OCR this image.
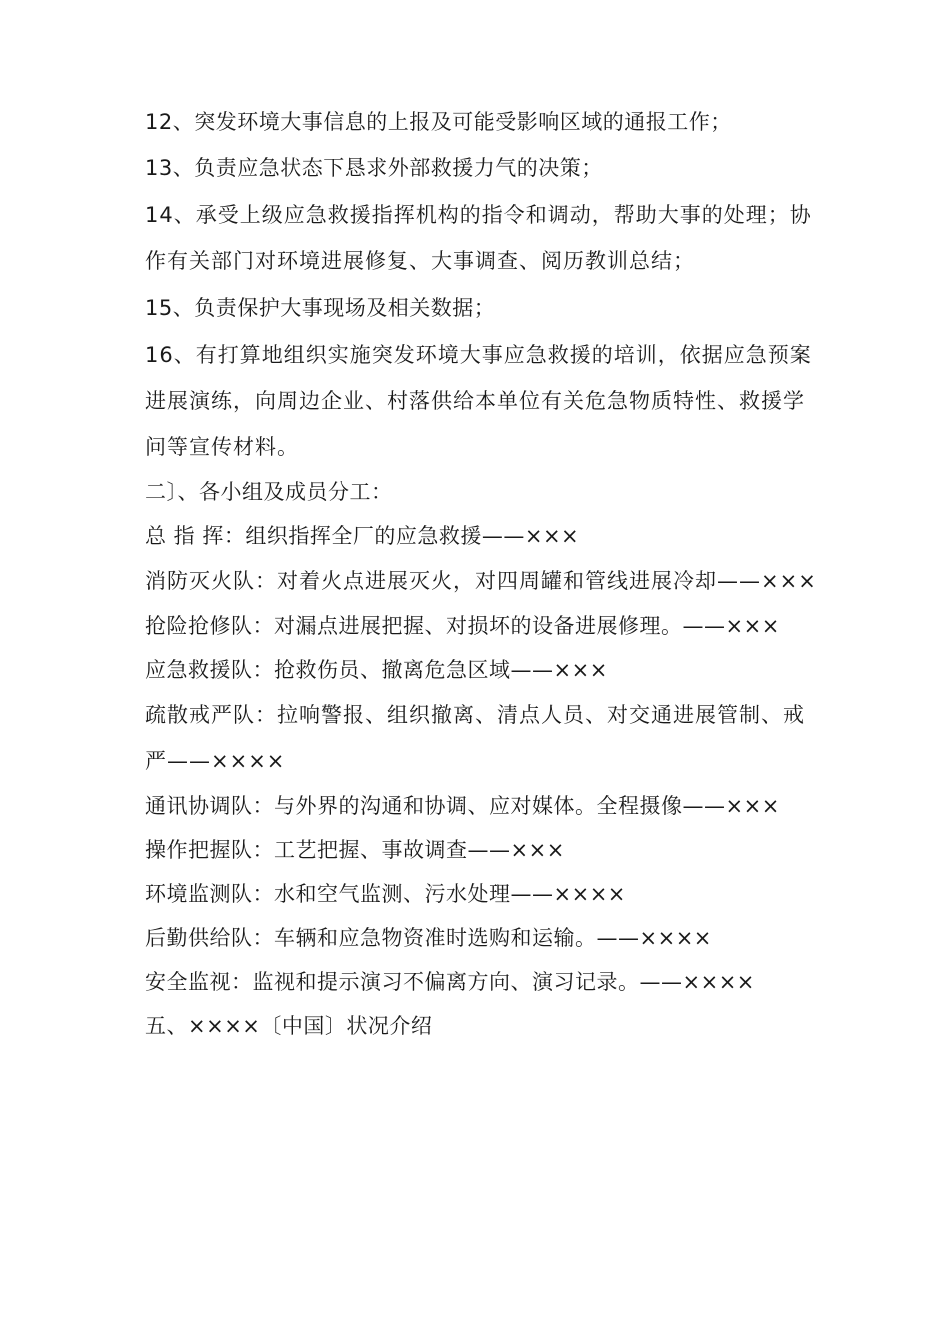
12、突发环境大事信息的上报及可能受影响区域的通报工作；
13、负责应急状态下恳求外部救援力气的决策；
14、承受上级应急救援指挥机构的指令和调动，帮助大事的处理；协作有关部门对环境进展修复、大事调查、阅历教训总结；
15、负责保护大事现场及相关数据；
16、有打算地组织实施突发环境大事应急救援的培训，依据应急预案进展演练，向周边企业、村落供给本单位有关危急物质特性、救援学问等宣传材料。
二〕、各小组及成员分工：
总 指 挥：组织指挥全厂的应急救援——×××
消防灭火队：对着火点进展灭火，对四周罐和管线进展冷却——×××
抢险抢修队：对漏点进展把握、对损坏的设备进展修理。——×××
应急救援队：抢救伤员、撤离危急区域——×××
疏散戒严队：拉响警报、组织撤离、清点人员、对交通进展管制、戒严——××××
通讯协调队：与外界的沟通和协调、应对媒体。全程摄像——×××
操作把握队：工艺把握、事故调查——×××
环境监测队：水和空气监测、污水处理——××××
后勤供给队：车辆和应急物资准时选购和运输。——××××
安全监视：监视和提示演习不偏离方向、演习记录。——××××
五、××××〔中国〕状况介绍
